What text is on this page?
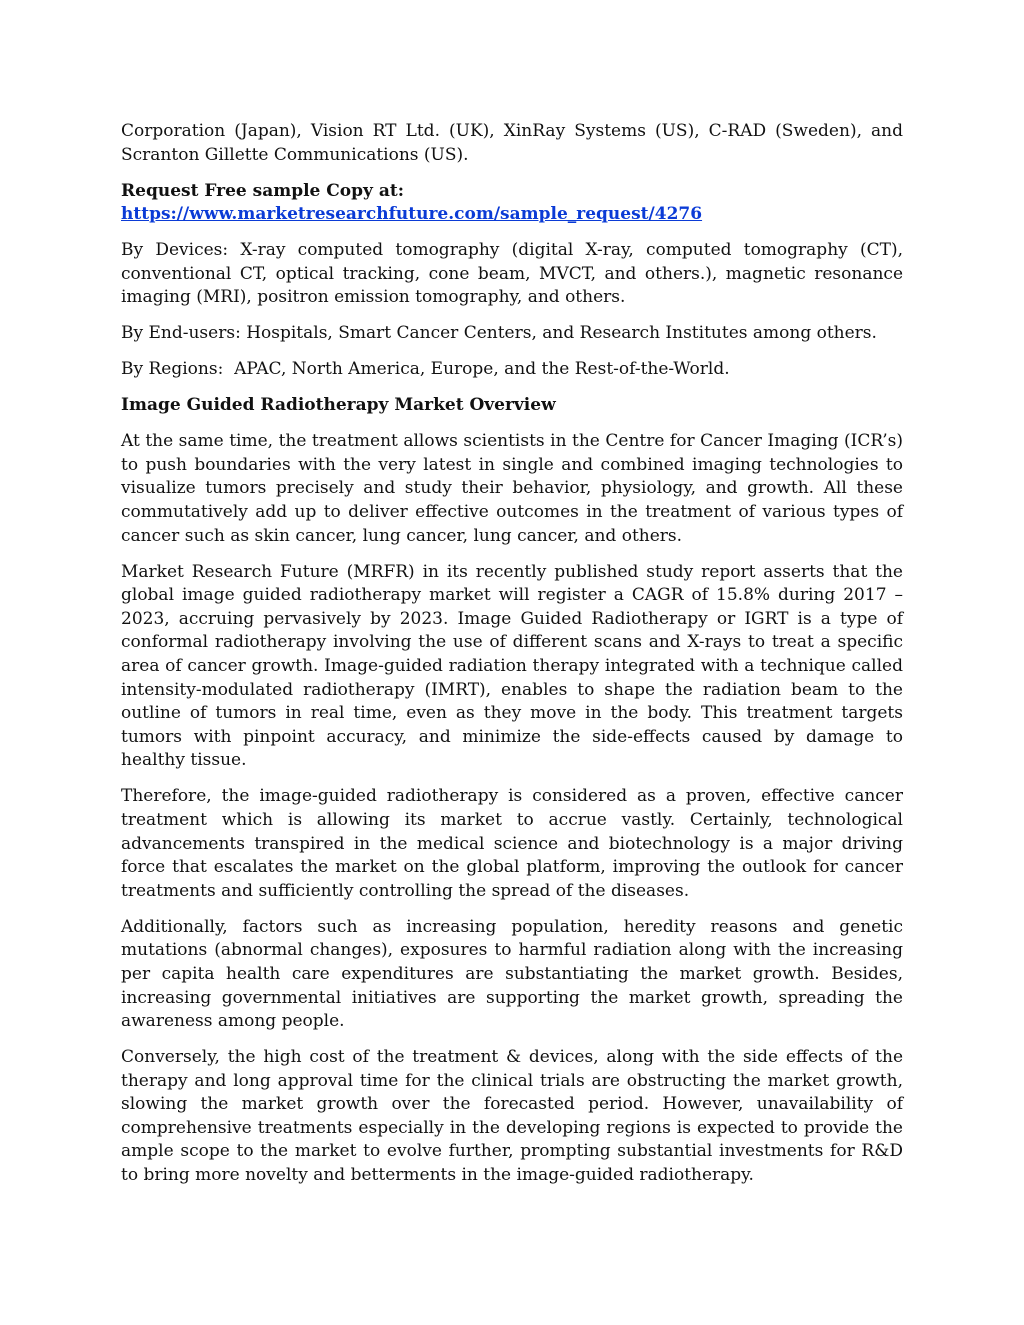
Corporation (Japan), Vision RT Ltd. (UK), XinRay Systems (US), C-RAD (Sweden), and Scranton Gillette Communications (US).

Request Free sample Copy at:
https://www.marketresearchfuture.com/sample_request/4276

By Devices: X-ray computed tomography (digital X-ray, computed tomography (CT), conventional CT, optical tracking, cone beam, MVCT, and others.), magnetic resonance imaging (MRI), positron emission tomography, and others.

By End-users: Hospitals, Smart Cancer Centers, and Research Institutes among others.

By Regions:  APAC, North America, Europe, and the Rest-of-the-World.

Image Guided Radiotherapy Market Overview

At the same time, the treatment allows scientists in the Centre for Cancer Imaging (ICR’s) to push boundaries with the very latest in single and combined imaging technologies to visualize tumors precisely and study their behavior, physiology, and growth. All these commutatively add up to deliver effective outcomes in the treatment of various types of cancer such as skin cancer, lung cancer, lung cancer, and others.

Market Research Future (MRFR) in its recently published study report asserts that the global image guided radiotherapy market will register a CAGR of 15.8% during 2017 – 2023, accruing pervasively by 2023. Image Guided Radiotherapy or IGRT is a type of conformal radiotherapy involving the use of different scans and X-rays to treat a specific area of cancer growth. Image-guided radiation therapy integrated with a technique called intensity-modulated radiotherapy (IMRT), enables to shape the radiation beam to the outline of tumors in real time, even as they move in the body. This treatment targets tumors with pinpoint accuracy, and minimize the side-effects caused by damage to healthy tissue.

Therefore, the image-guided radiotherapy is considered as a proven, effective cancer treatment which is allowing its market to accrue vastly. Certainly, technological advancements transpired in the medical science and biotechnology is a major driving force that escalates the market on the global platform, improving the outlook for cancer treatments and sufficiently controlling the spread of the diseases.

Additionally, factors such as increasing population, heredity reasons and genetic mutations (abnormal changes), exposures to harmful radiation along with the increasing per capita health care expenditures are substantiating the market growth. Besides, increasing governmental initiatives are supporting the market growth, spreading the awareness among people.

Conversely, the high cost of the treatment & devices, along with the side effects of the therapy and long approval time for the clinical trials are obstructing the market growth, slowing the market growth over the forecasted period. However, unavailability of comprehensive treatments especially in the developing regions is expected to provide the ample scope to the market to evolve further, prompting substantial investments for R&D to bring more novelty and betterments in the image-guided radiotherapy.
